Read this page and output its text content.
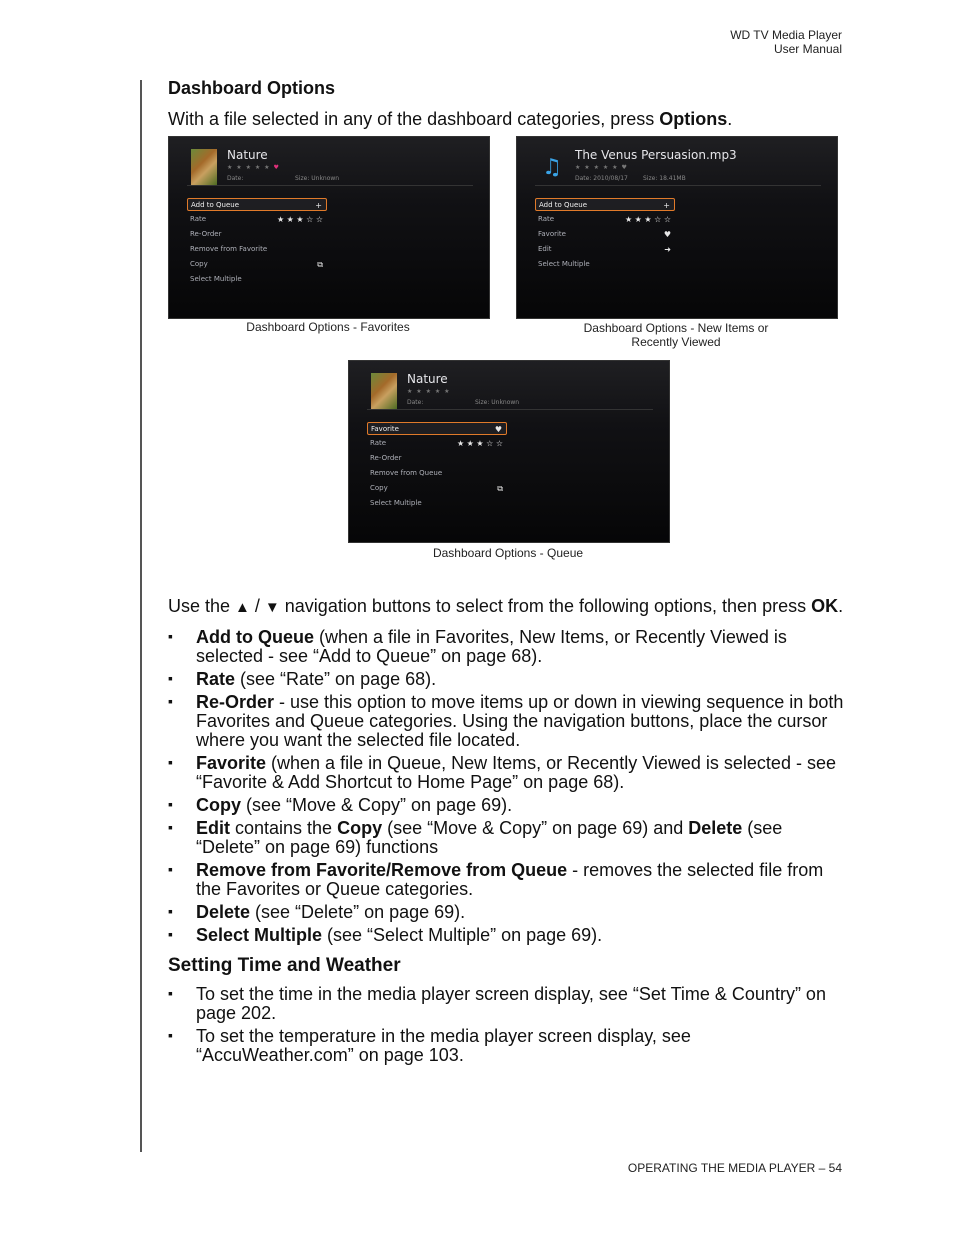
WD TV Media Player
User Manual
Dashboard Options

With a file selected in any of the dashboard categories, press Options.

Nature
★ ★ ★ ★ ★ ♥
Date:	Size: Unknown
Add to Queue	+
Rate	★ ★ ★ ☆ ☆
Re-Order
Remove from Favorite
Copy	⧉
Select Multiple
Dashboard Options - Favorites
♫ The Venus Persuasion.mp3
★ ★ ★ ★ ★ ♥
Date: 2010/08/17	Size: 18.41MB
Add to Queue	+
Rate	★ ★ ★ ☆ ☆
Favorite	♥
Edit	➜
Select Multiple
Dashboard Options - New Items or
Recently Viewed
Nature
★ ★ ★ ★ ★
Date:	Size: Unknown
Favorite	♥
Rate	★ ★ ★ ☆ ☆
Re-Order
Remove from Queue
Copy	⧉
Select Multiple
Dashboard Options - Queue

Use the ▲ / ▼ navigation buttons to select from the following options, then press OK.

▪ Add to Queue (when a file in Favorites, New Items, or Recently Viewed is selected - see “Add to Queue” on page 68).
▪ Rate (see “Rate” on page 68).
▪ Re-Order - use this option to move items up or down in viewing sequence in both Favorites and Queue categories. Using the navigation buttons, place the cursor where you want the selected file located.
▪ Favorite (when a file in Queue, New Items, or Recently Viewed is selected - see “Favorite & Add Shortcut to Home Page” on page 68).
▪ Copy (see “Move & Copy” on page 69).
▪ Edit contains the Copy (see “Move & Copy” on page 69) and Delete (see “Delete” on page 69) functions
▪ Remove from Favorite/Remove from Queue - removes the selected file from the Favorites or Queue categories.
▪ Delete (see “Delete” on page 69).
▪ Select Multiple (see “Select Multiple” on page 69).
Setting Time and Weather
▪ To set the time in the media player screen display, see “Set Time & Country” on page 202.
▪ To set the temperature in the media player screen display, see “AccuWeather.com” on page 103.
OPERATING THE MEDIA PLAYER – 54
